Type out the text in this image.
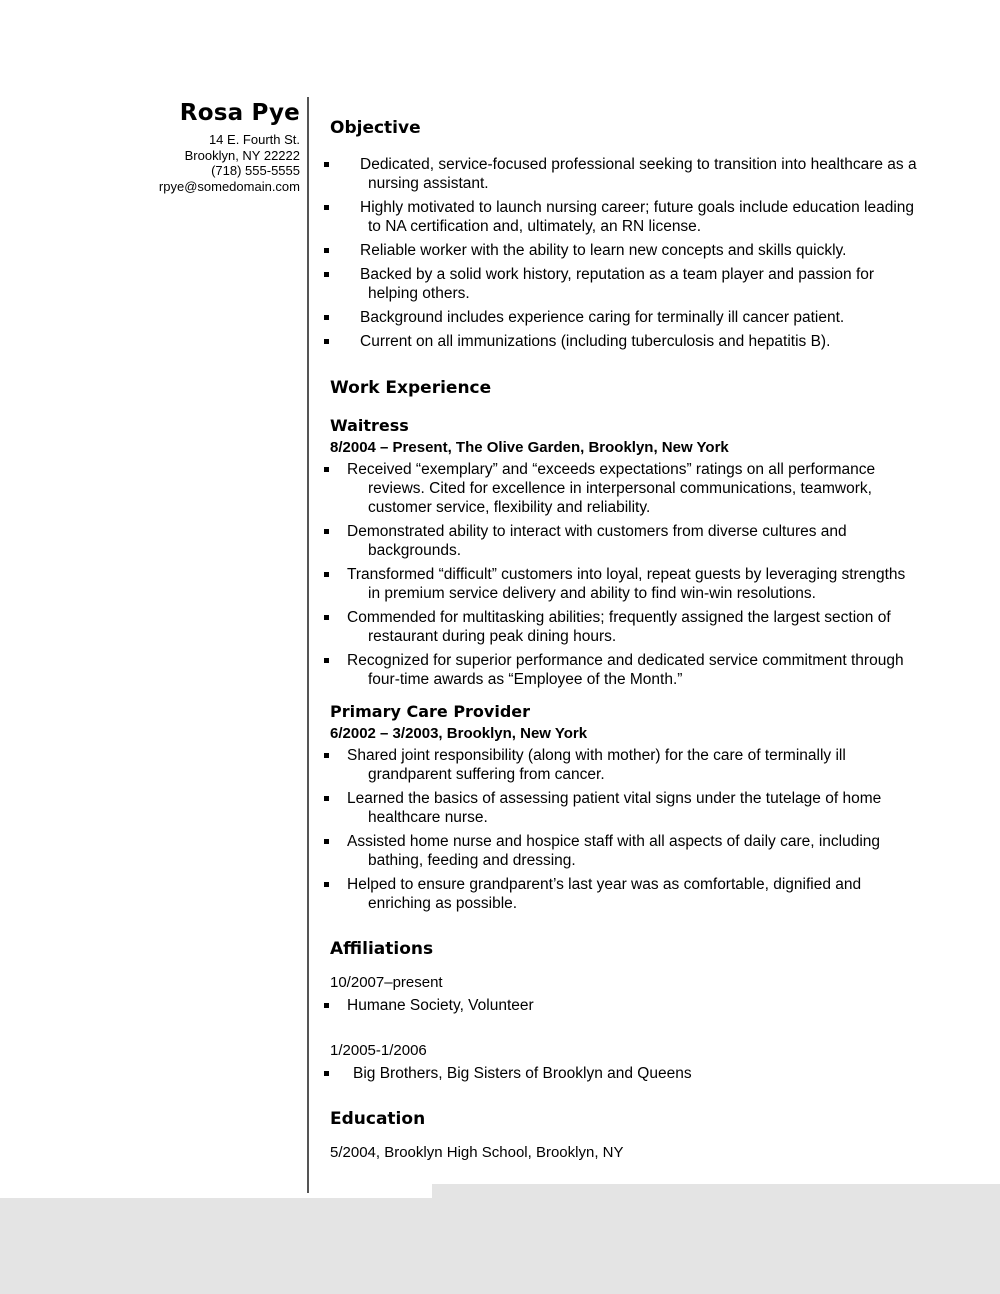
Rosa Pye
14 E. Fourth St.
Brooklyn, NY 22222
(718) 555-5555
rpye@somedomain.com
Objective
Dedicated, service-focused professional seeking to transition into healthcare as a nursing assistant.
Highly motivated to launch nursing career; future goals include education leading to NA certification and, ultimately, an RN license.
Reliable worker with the ability to learn new concepts and skills quickly.
Backed by a solid work history, reputation as a team player and passion for helping others.
Background includes experience caring for terminally ill cancer patient.
Current on all immunizations (including tuberculosis and hepatitis B).
Work Experience
Waitress

8/2004 – Present, The Olive Garden, Brooklyn, New York

Received “exemplary” and “exceeds expectations” ratings on all performance reviews. Cited for excellence in interpersonal communications, teamwork, customer service, flexibility and reliability.
Demonstrated ability to interact with customers from diverse cultures and backgrounds.
Transformed “difficult” customers into loyal, repeat guests by leveraging strengths in premium service delivery and ability to find win-win resolutions.
Commended for multitasking abilities; frequently assigned the largest section of restaurant during peak dining hours.
Recognized for superior performance and dedicated service commitment through four-time awards as “Employee of the Month.”
Primary Care Provider

6/2002 – 3/2003, Brooklyn, New York

Shared joint responsibility (along with mother) for the care of terminally ill grandparent suffering from cancer.
Learned the basics of assessing patient vital signs under the tutelage of home healthcare nurse.
Assisted home nurse and hospice staff with all aspects of daily care, including bathing, feeding and dressing.
Helped to ensure grandparent’s last year was as comfortable, dignified and enriching as possible.
Affiliations

10/2007–present

Humane Society, Volunteer

1/2005-1/2006

Big Brothers, Big Sisters of Brooklyn and Queens
Education

5/2004, Brooklyn High School, Brooklyn, NY
